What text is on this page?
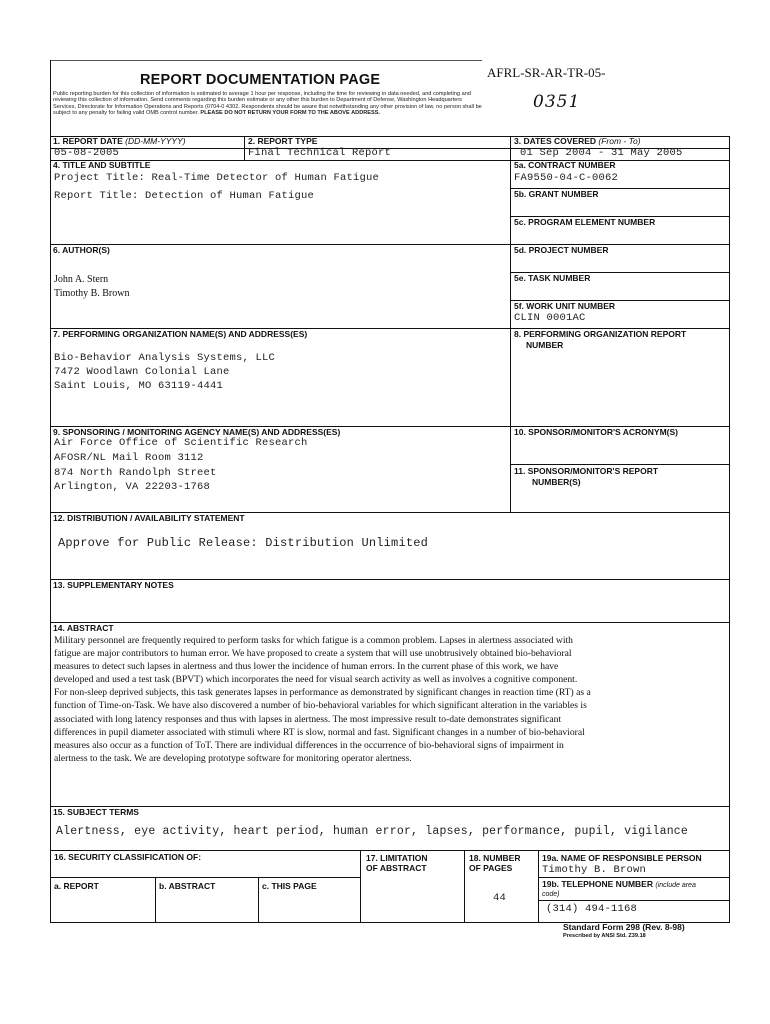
REPORT DOCUMENTATION PAGE	AFRL-SR-AR-TR-05-
0351
Public reporting burden for this collection of information is estimated to average 1 hour per response, including the time for reviewing in data needed, and completing and reviewing this collection of information. Send comments regarding this burden estimate or any other this burden to Department of Defense, Washington Headquarters Services, Directorate for Information Operations and Reports (0704-0 4302. Respondents should be aware that notwithstanding any other provision of law, no person shall be subject to any penalty for failing valid OMB control number. PLEASE DO NOT RETURN YOUR FORM TO THE ABOVE ADDRESS.
1. REPORT DATE (DD-MM-YYYY)
05-08-2005
2. REPORT TYPE
Final Technical Report
3. DATES COVERED (From - To)
01 Sep 2004 - 31 May 2005
4. TITLE AND SUBTITLE
Project Title: Real-Time Detector of Human Fatigue
Report Title: Detection of Human Fatigue
5a. CONTRACT NUMBER
FA9550-04-C-0062
5b. GRANT NUMBER
5c. PROGRAM ELEMENT NUMBER
6. AUTHOR(S)
John A. Stern
Timothy B. Brown
5d. PROJECT NUMBER
5e. TASK NUMBER
5f. WORK UNIT NUMBER
CLIN 0001AC
7. PERFORMING ORGANIZATION NAME(S) AND ADDRESS(ES)
Bio-Behavior Analysis Systems, LLC
7472 Woodlawn Colonial Lane
Saint Louis, MO 63119-4441
8. PERFORMING ORGANIZATION REPORT
NUMBER
9. SPONSORING / MONITORING AGENCY NAME(S) AND ADDRESS(ES)
Air Force Office of Scientific Research
AFOSR/NL Mail Room 3112
874 North Randolph Street
Arlington, VA 22203-1768
10. SPONSOR/MONITOR'S ACRONYM(S)
11. SPONSOR/MONITOR'S REPORT
NUMBER(S)
12. DISTRIBUTION / AVAILABILITY STATEMENT
Approve for Public Release: Distribution Unlimited
13. SUPPLEMENTARY NOTES
14. ABSTRACT
Military personnel are frequently required to perform tasks for which fatigue is a common problem. Lapses in alertness associated with
fatigue are major contributors to human error. We have proposed to create a system that will use unobtrusively obtained bio-behavioral
measures to detect such lapses in alertness and thus lower the incidence of human errors. In the current phase of this work, we have
developed and used a test task (BPVT) which incorporates the need for visual search activity as well as involves a cognitive component.
For non-sleep deprived subjects, this task generates lapses in performance as demonstrated by significant changes in reaction time (RT) as a
function of Time-on-Task. We have also discovered a number of bio-behavioral variables for which significant alteration in the variables is
associated with long latency responses and thus with lapses in alertness. The most impressive result to-date demonstrates significant
differences in pupil diameter associated with stimuli where RT is slow, normal and fast. Significant changes in a number of bio-behavioral
measures also occur as a function of ToT. There are individual differences in the occurrence of bio-behavioral signs of impairment in
alertness to the task. We are developing prototype software for monitoring operator alertness.
15. SUBJECT TERMS
Alertness, eye activity, heart period, human error, lapses, performance, pupil, vigilance
16. SECURITY CLASSIFICATION OF:
a. REPORT	b. ABSTRACT	c. THIS PAGE
17. LIMITATION
OF ABSTRACT
18. NUMBER
OF PAGES
44
19a. NAME OF RESPONSIBLE PERSON
Timothy B. Brown
19b. TELEPHONE NUMBER (include area
code)
(314) 494-1168
Standard Form 298 (Rev. 8-98)
Prescribed by ANSI Std. Z39.18
